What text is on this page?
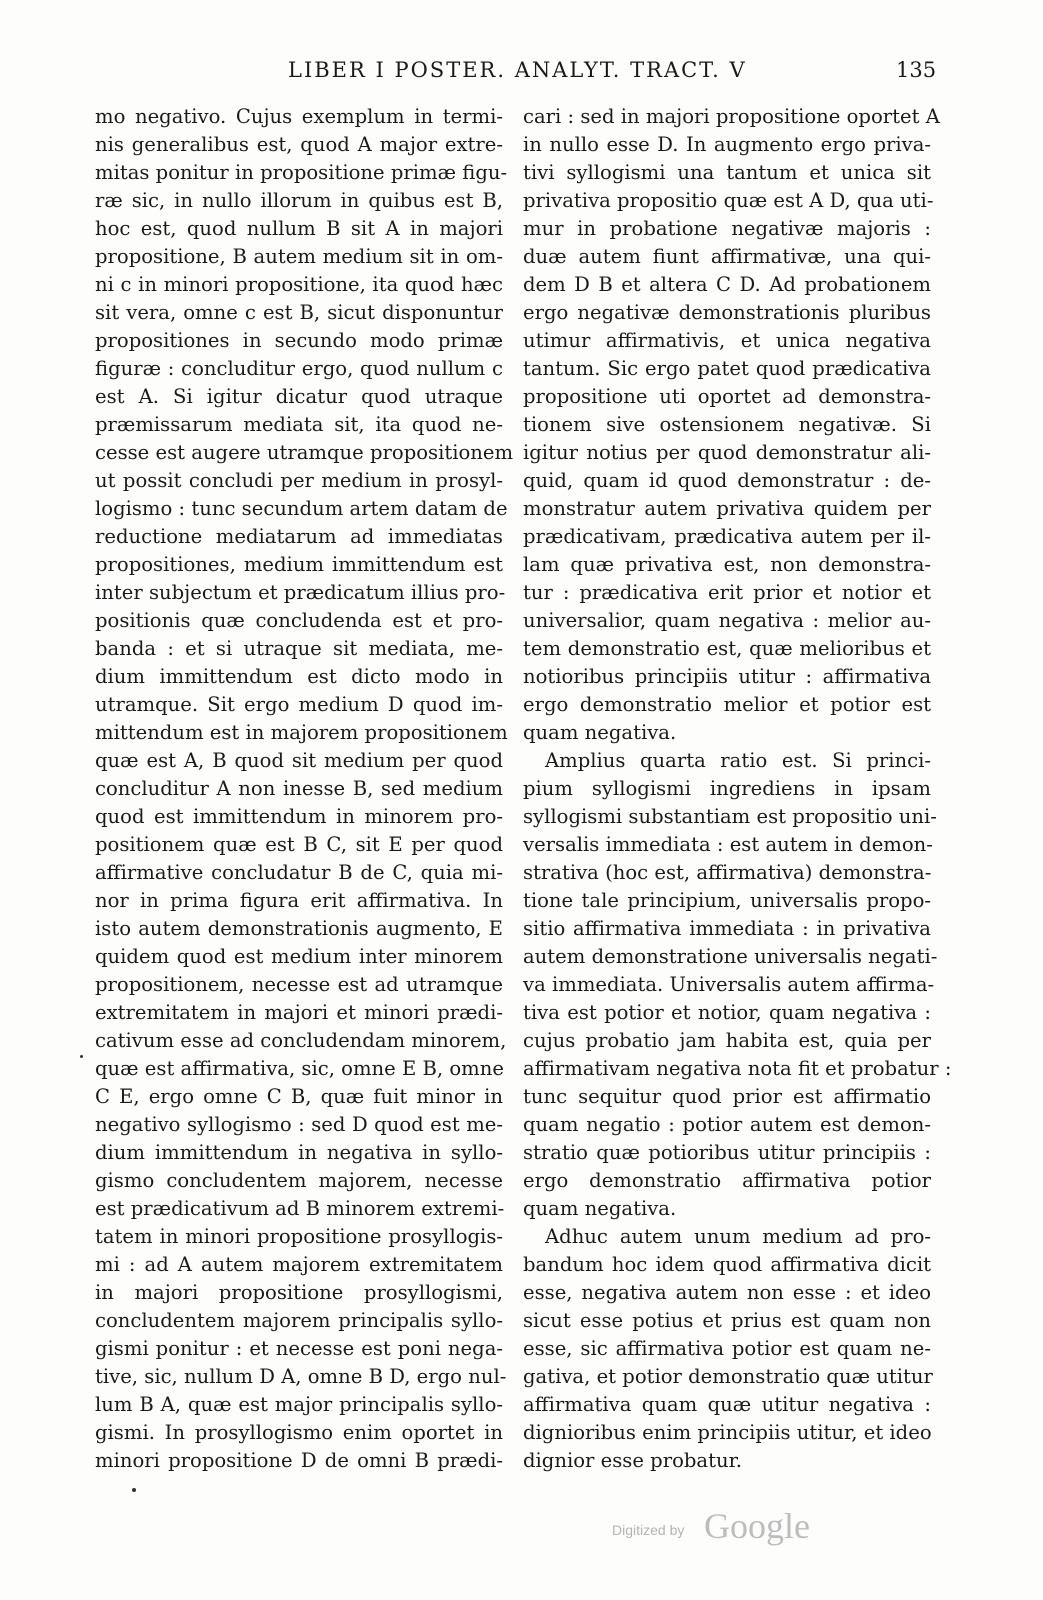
LIBER I POSTER. ANALYT. TRACT. V	135
mo negativo. Cujus exemplum in termi-
nis generalibus est, quod A major extre-
mitas ponitur in propositione primæ figu-
ræ sic, in nullo illorum in quibus est B,
hoc est, quod nullum B sit A in majori
propositione, B autem medium sit in om-
ni c in minori propositione, ita quod hæc
sit vera, omne c est B, sicut disponuntur
propositiones in secundo modo primæ
figuræ : concluditur ergo, quod nullum c
est A. Si igitur dicatur quod utraque
præmissarum mediata sit, ita quod ne-
cesse est augere utramque propositionem
ut possit concludi per medium in prosyl-
logismo : tunc secundum artem datam de
reductione mediatarum ad immediatas
propositiones, medium immittendum est
inter subjectum et prædicatum illius pro-
positionis quæ concludenda est et pro-
banda : et si utraque sit mediata, me-
dium immittendum est dicto modo in
utramque. Sit ergo medium D quod im-
mittendum est in majorem propositionem
quæ est A, B quod sit medium per quod
concluditur A non inesse B, sed medium
quod est immittendum in minorem pro-
positionem quæ est B C, sit E per quod
affirmative concludatur B de C, quia mi-
nor in prima figura erit affirmativa. In
isto autem demonstrationis augmento, E
quidem quod est medium inter minorem
propositionem, necesse est ad utramque
extremitatem in majori et minori prædi-
cativum esse ad concludendam minorem,
quæ est affirmativa, sic, omne E B, omne
C E, ergo omne C B, quæ fuit minor in
negativo syllogismo : sed D quod est me-
dium immittendum in negativa in syllo-
gismo concludentem majorem, necesse
est prædicativum ad B minorem extremi-
tatem in minori propositione prosyllogis-
mi : ad A autem majorem extremitatem
in majori propositione prosyllogismi,
concludentem majorem principalis syllo-
gismi ponitur : et necesse est poni nega-
tive, sic, nullum D A, omne B D, ergo nul-
lum B A, quæ est major principalis syllo-
gismi. In prosyllogismo enim oportet in
minori propositione D de omni B prædi-
cari : sed in majori propositione oportet A
in nullo esse D. In augmento ergo priva-
tivi syllogismi una tantum et unica sit
privativa propositio quæ est A D, qua uti-
mur in probatione negativæ majoris :
duæ autem fiunt affirmativæ, una qui-
dem D B et altera C D. Ad probationem
ergo negativæ demonstrationis pluribus
utimur affirmativis, et unica negativa
tantum. Sic ergo patet quod prædicativa
propositione uti oportet ad demonstra-
tionem sive ostensionem negativæ. Si
igitur notius per quod demonstratur ali-
quid, quam id quod demonstratur : de-
monstratur autem privativa quidem per
prædicativam, prædicativa autem per il-
lam quæ privativa est, non demonstra-
tur : prædicativa erit prior et notior et
universalior, quam negativa : melior au-
tem demonstratio est, quæ melioribus et
notioribus principiis utitur : affirmativa
ergo demonstratio melior et potior est
quam negativa.
Amplius quarta ratio est. Si princi-
pium syllogismi ingrediens in ipsam
syllogismi substantiam est propositio uni-
versalis immediata : est autem in demon-
strativa (hoc est, affirmativa) demonstra-
tione tale principium, universalis propo-
sitio affirmativa immediata : in privativa
autem demonstratione universalis negati-
va immediata. Universalis autem affirma-
tiva est potior et notior, quam negativa :
cujus probatio jam habita est, quia per
affirmativam negativa nota fit et probatur :
tunc sequitur quod prior est affirmatio
quam negatio : potior autem est demon-
stratio quæ potioribus utitur principiis :
ergo demonstratio affirmativa potior
quam negativa.
Adhuc autem unum medium ad pro-
bandum hoc idem quod affirmativa dicit
esse, negativa autem non esse : et ideo
sicut esse potius et prius est quam non
esse, sic affirmativa potior est quam ne-
gativa, et potior demonstratio quæ utitur
affirmativa quam quæ utitur negativa :
dignioribus enim principiis utitur, et ideo
dignior esse probatur.
Digitized by Google
